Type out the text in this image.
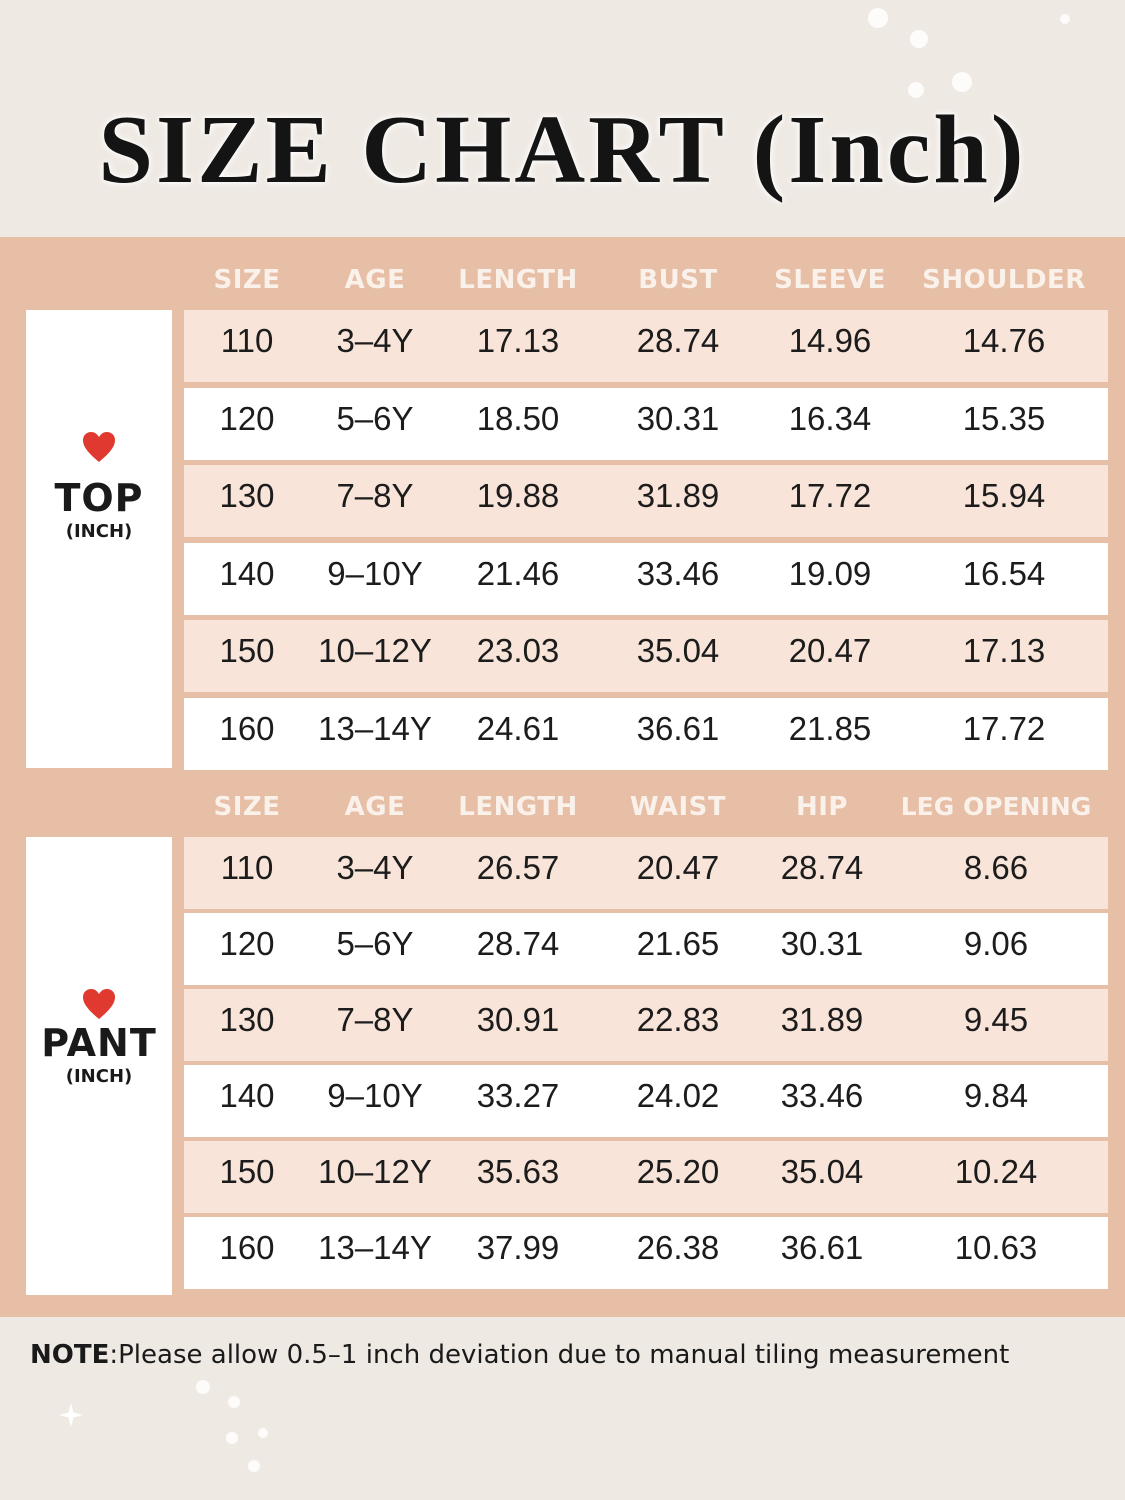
SIZE CHART (Inch)
SIZE	AGE	LENGTH	BUST	SLEEVE	SHOULDER
TOP
(INCH)
110	3–4Y	17.13	28.74	14.96	14.76
120	5–6Y	18.50	30.31	16.34	15.35
130	7–8Y	19.88	31.89	17.72	15.94
140	9–10Y	21.46	33.46	19.09	16.54
150	10–12Y	23.03	35.04	20.47	17.13
160	13–14Y	24.61	36.61	21.85	17.72
SIZE	AGE	LENGTH	WAIST	HIP	LEG OPENING
PANT
(INCH)
110	3–4Y	26.57	20.47	28.74	8.66
120	5–6Y	28.74	21.65	30.31	9.06
130	7–8Y	30.91	22.83	31.89	9.45
140	9–10Y	33.27	24.02	33.46	9.84
150	10–12Y	35.63	25.20	35.04	10.24
160	13–14Y	37.99	26.38	36.61	10.63
NOTE:Please allow 0.5–1 inch deviation due to manual tiling measurement
